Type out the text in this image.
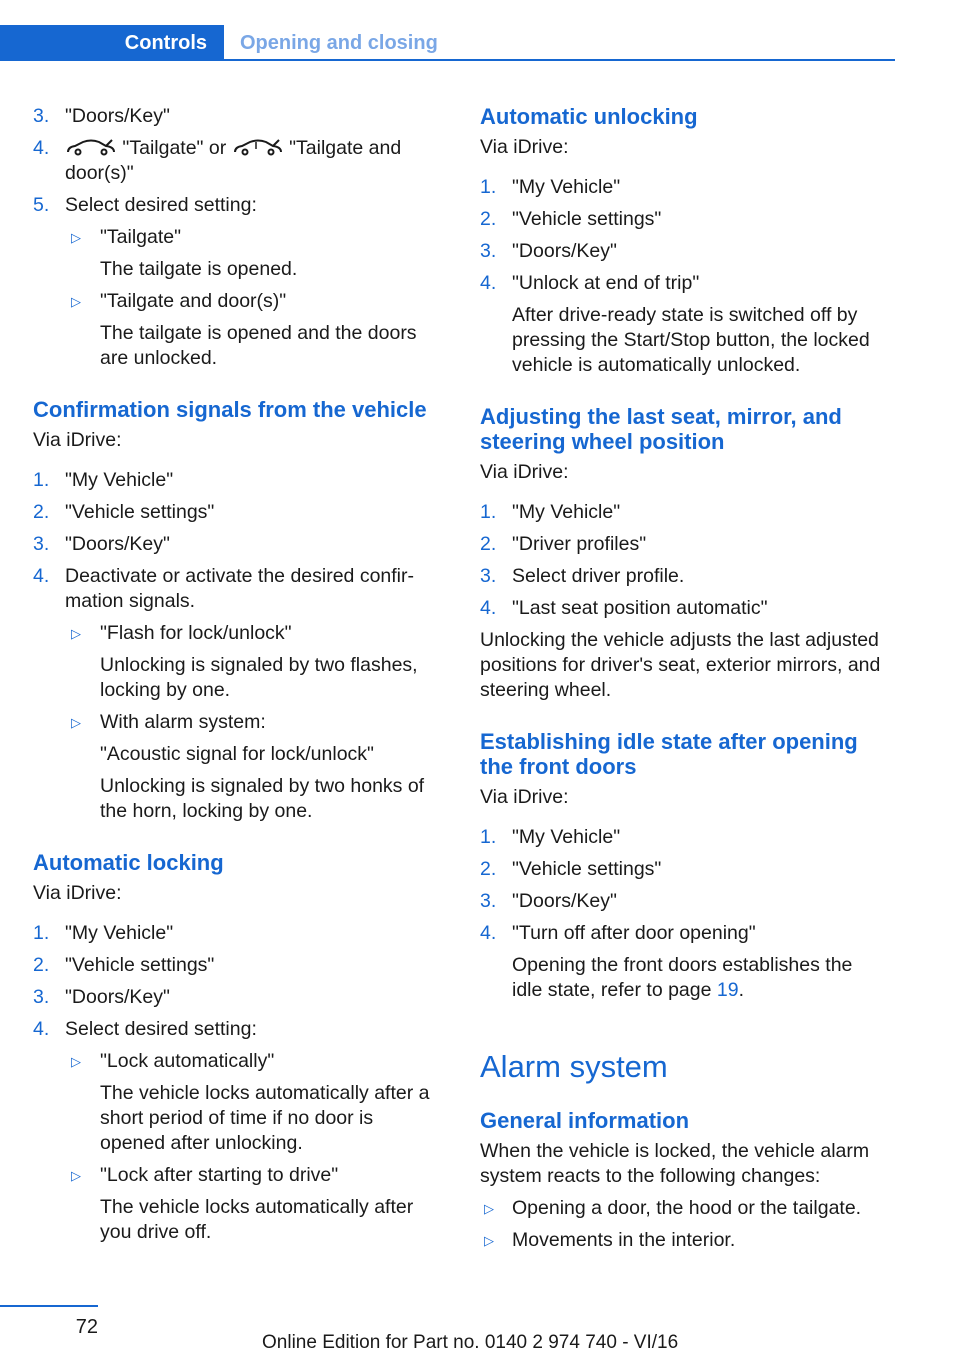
Controls Opening and closing
3. "Doors/Key"
4.	"Tailgate" or	"Tailgate and
door(s)"
5. Select desired setting:
▷ "Tailgate"
The tailgate is opened.
▷ "Tailgate and door(s)"
The tailgate is opened and the doors
are unlocked.
Confirmation signals from the vehicle
Via iDrive:
1. "My Vehicle"
2. "Vehicle settings"
3. "Doors/Key"
4. Deactivate or activate the desired confir‐
mation signals.
▷ "Flash for lock/unlock"
Unlocking is signaled by two flashes,
locking by one.
▷ With alarm system:
"Acoustic signal for lock/unlock"
Unlocking is signaled by two honks of
the horn, locking by one.
Automatic locking
Via iDrive:
1. "My Vehicle"
2. "Vehicle settings"
3. "Doors/Key"
4. Select desired setting:
▷ "Lock automatically"
The vehicle locks automatically after a
short period of time if no door is
opened after unlocking.
▷ "Lock after starting to drive"
The vehicle locks automatically after
you drive off.
Automatic unlocking
Via iDrive:
1. "My Vehicle"
2. "Vehicle settings"
3. "Doors/Key"
4. "Unlock at end of trip"
After drive-ready state is switched off by
pressing the Start/Stop button, the locked
vehicle is automatically unlocked.
Adjusting the last seat, mirror, and
steering wheel position
Via iDrive:
1. "My Vehicle"
2. "Driver profiles"
3. Select driver profile.
4. "Last seat position automatic"
Unlocking the vehicle adjusts the last adjusted
positions for driver's seat, exterior mirrors, and
steering wheel.
Establishing idle state after opening
the front doors
Via iDrive:
1. "My Vehicle"
2. "Vehicle settings"
3. "Doors/Key"
4. "Turn off after door opening"
Opening the front doors establishes the
idle state, refer to page 19.
Alarm system
General information
When the vehicle is locked, the vehicle alarm
system reacts to the following changes:
▷ Opening a door, the hood or the tailgate.
▷ Movements in the interior.
72
Online Edition for Part no. 0140 2 974 740 - VI/16
